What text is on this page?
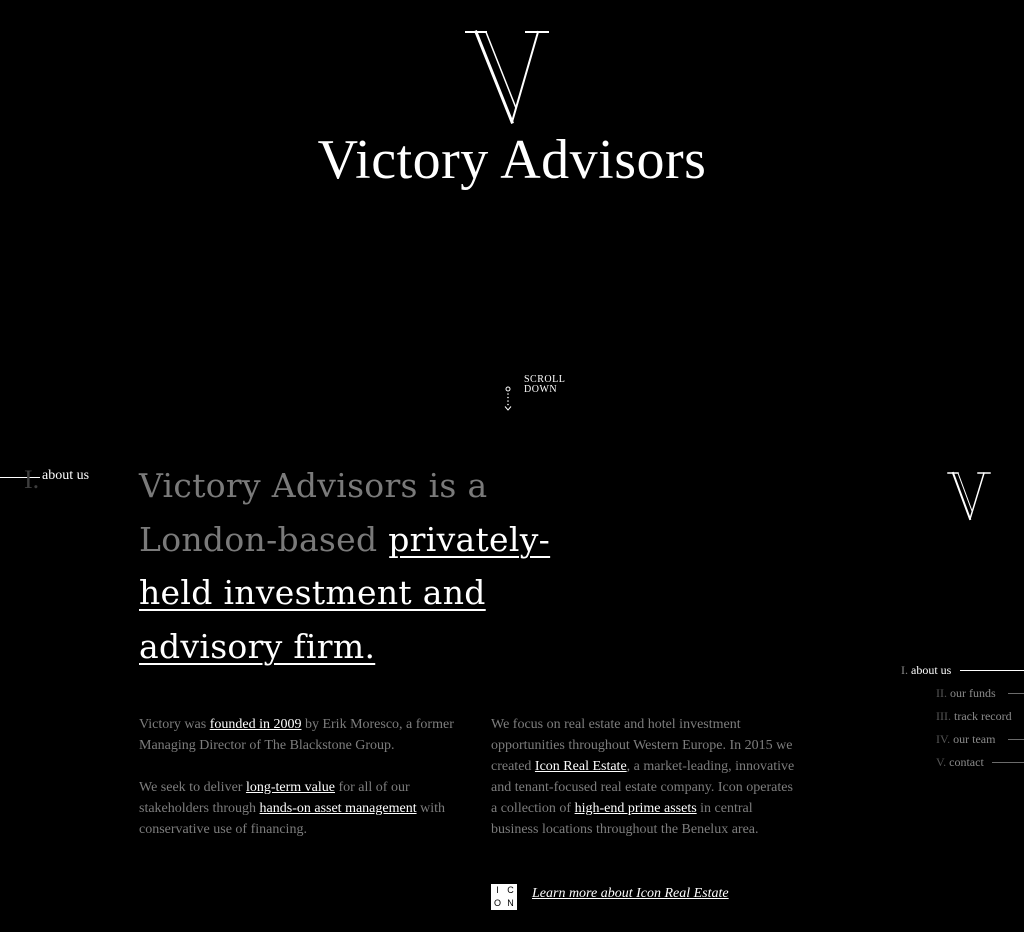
Victory Advisors
SCROLL
DOWN
I. about us Victory Advisors is a London-based privately-held investment and advisory firm.

Victory was founded in 2009 by Erik Moresco, a former Managing Director of The Blackstone Group.

We seek to deliver long-term value for all of our stakeholders through hands-on asset management with conservative use of financing.

We focus on real estate and hotel investment opportunities throughout Western Europe. In 2015 we created Icon Real Estate, a market-leading, innovative and tenant-focused real estate company. Icon operates a collection of high-end prime assets in central business locations throughout the Benelux area.

I C
O N
Learn more about Icon Real Estate
I. about us
II. our funds
III. track record
IV. our team
V. contact
